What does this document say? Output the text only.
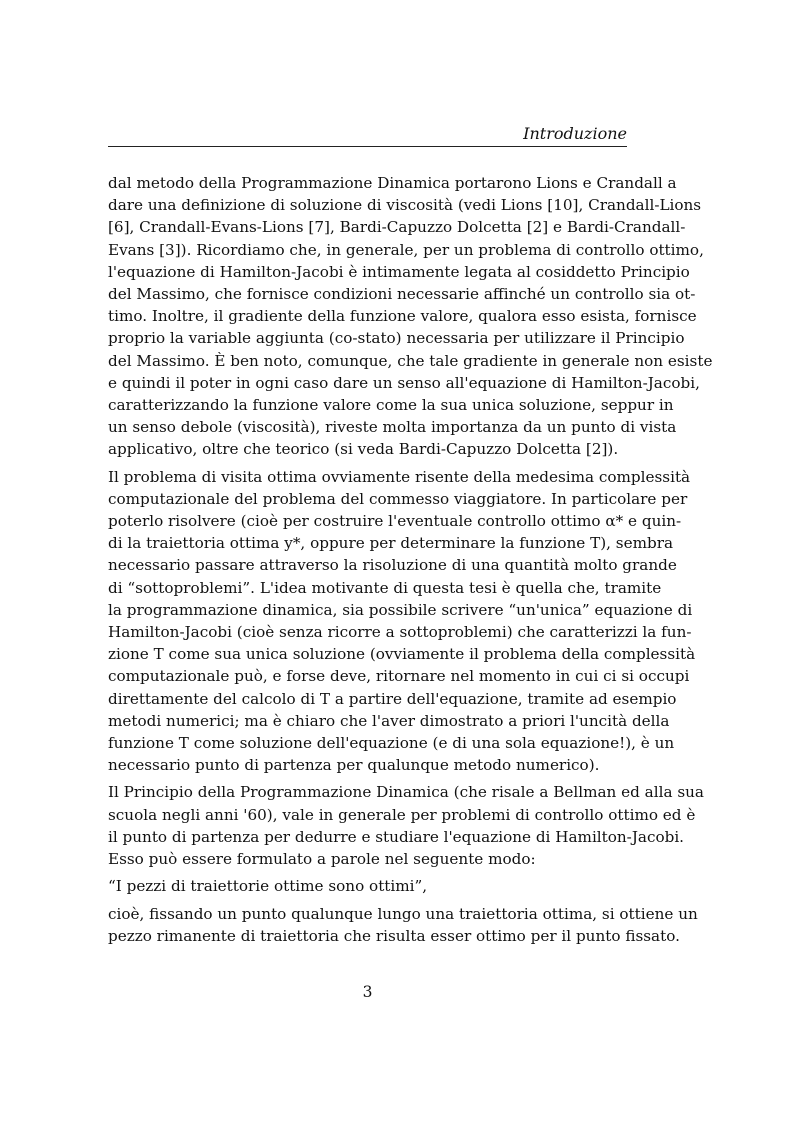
Introduzione
dal metodo della Programmazione Dinamica portarono Lions e Crandall a
dare una definizione di soluzione di viscosità (vedi Lions [10], Crandall-Lions
[6], Crandall-Evans-Lions [7], Bardi-Capuzzo Dolcetta [2] e Bardi-Crandall-
Evans [3]). Ricordiamo che, in generale, per un problema di controllo ottimo,
l'equazione di Hamilton-Jacobi è intimamente legata al cosiddetto Principio
del Massimo, che fornisce condizioni necessarie affinché un controllo sia ot-
timo. Inoltre, il gradiente della funzione valore, qualora esso esista, fornisce
proprio la variable aggiunta (co-stato) necessaria per utilizzare il Principio
del Massimo. È ben noto, comunque, che tale gradiente in generale non esiste
e quindi il poter in ogni caso dare un senso all'equazione di Hamilton-Jacobi,
caratterizzando la funzione valore come la sua unica soluzione, seppur in
un senso debole (viscosità), riveste molta importanza da un punto di vista
applicativo, oltre che teorico (si veda Bardi-Capuzzo Dolcetta [2]).
Il problema di visita ottima ovviamente risente della medesima complessità
computazionale del problema del commesso viaggiatore. In particolare per
poterlo risolvere (cioè per costruire l'eventuale controllo ottimo α* e quin-
di la traiettoria ottima y*, oppure per determinare la funzione T), sembra
necessario passare attraverso la risoluzione di una quantità molto grande
di “sottoproblemi”. L'idea motivante di questa tesi è quella che, tramite
la programmazione dinamica, sia possibile scrivere “un'unica” equazione di
Hamilton-Jacobi (cioè senza ricorre a sottoproblemi) che caratterizzi la fun-
zione T come sua unica soluzione (ovviamente il problema della complessità
computazionale può, e forse deve, ritornare nel momento in cui ci si occupi
direttamente del calcolo di T a partire dell'equazione, tramite ad esempio
metodi numerici; ma è chiaro che l'aver dimostrato a priori l'uncità della
funzione T come soluzione dell'equazione (e di una sola equazione!), è un
necessario punto di partenza per qualunque metodo numerico).
Il Principio della Programmazione Dinamica (che risale a Bellman ed alla sua
scuola negli anni '60), vale in generale per problemi di controllo ottimo ed è
il punto di partenza per dedurre e studiare l'equazione di Hamilton-Jacobi.
Esso può essere formulato a parole nel seguente modo:
“I pezzi di traiettorie ottime sono ottimi”,
cioè, fissando un punto qualunque lungo una traiettoria ottima, si ottiene un
pezzo rimanente di traiettoria che risulta esser ottimo per il punto fissato.
3
